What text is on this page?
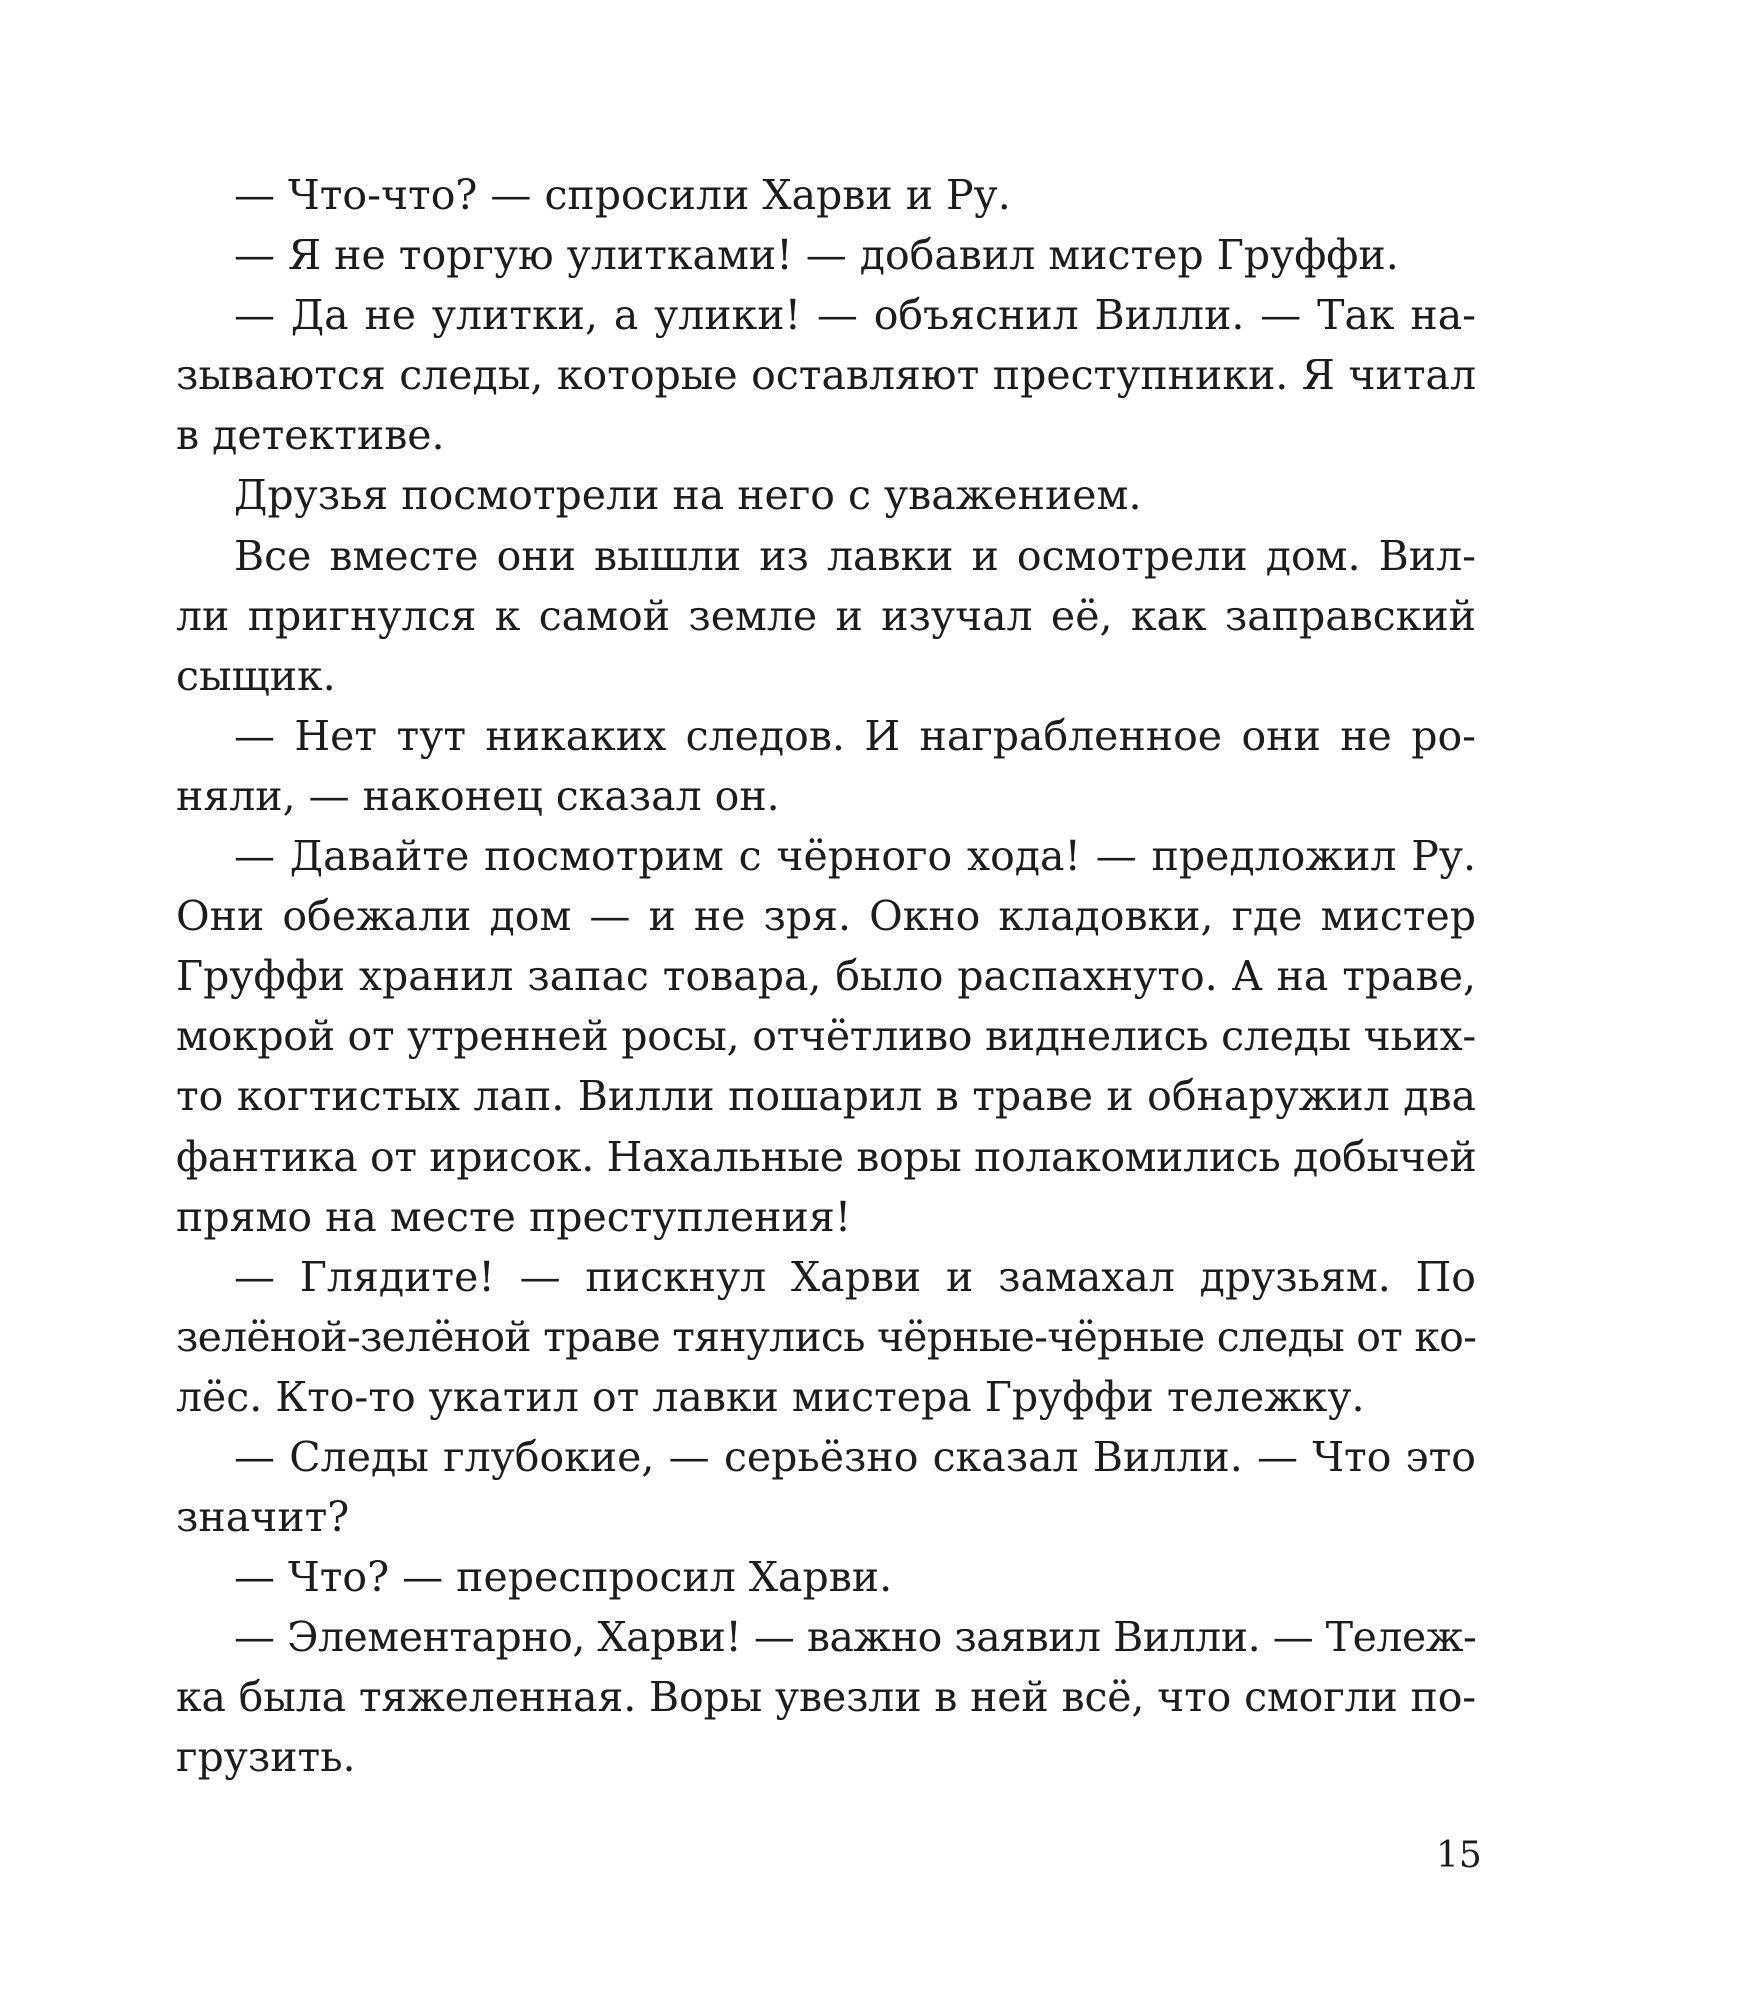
— Что-что? — спросили Харви и Ру.
— Я не торгую улитками! — добавил мистер Груффи.
— Да не улитки, а улики! — объяснил Вилли. — Так на-
зываются следы, которые оставляют преступники. Я читал
в детективе.
Друзья посмотрели на него с уважением.
Все вместе они вышли из лавки и осмотрели дом. Вил-
ли пригнулся к самой земле и изучал её, как заправский
сыщик.
— Нет тут никаких следов. И награбленное они не ро-
няли, — наконец сказал он.
— Давайте посмотрим с чёрного хода! — предложил Ру.
Они обежали дом — и не зря. Окно кладовки, где мистер
Груффи хранил запас товара, было распахнуто. А на траве,
мокрой от утренней росы, отчётливо виднелись следы чьих-
то когтистых лап. Вилли пошарил в траве и обнаружил два
фантика от ирисок. Нахальные воры полакомились добычей
прямо на месте преступления!
— Глядите! — пискнул Харви и замахал друзьям. По
зелёной-зелёной траве тянулись чёрные-чёрные следы от ко-
лёс. Кто-то укатил от лавки мистера Груффи тележку.
— Следы глубокие, — серьёзно сказал Вилли. — Что это
значит?
— Что? — переспросил Харви.
— Элементарно, Харви! — важно заявил Вилли. — Тележ-
ка была тяжеленная. Воры увезли в ней всё, что смогли по-
грузить.
15
